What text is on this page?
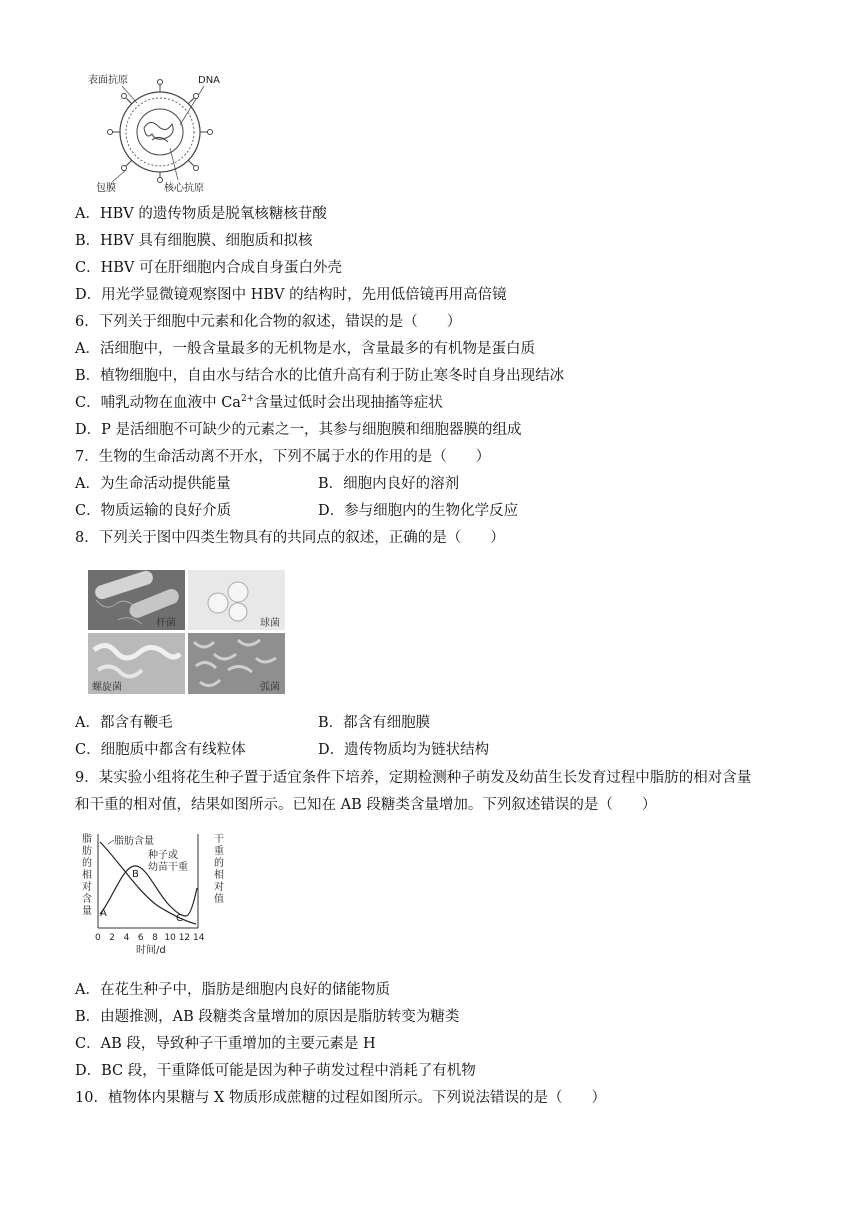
表面抗原	DNA
包膜	核心抗原
A．HBV 的遗传物质是脱氧核糖核苷酸
B．HBV 具有细胞膜、细胞质和拟核
C．HBV 可在肝细胞内合成自身蛋白外壳
D．用光学显微镜观察图中 HBV 的结构时，先用低倍镜再用高倍镜
6．下列关于细胞中元素和化合物的叙述，错误的是（　　）
A．活细胞中，一般含量最多的无机物是水，含量最多的有机物是蛋白质
B．植物细胞中，自由水与结合水的比值升高有利于防止寒冬时自身出现结冰
C．哺乳动物在血液中 $Ca^{2+}$含量过低时会出现抽搐等症状
D．P 是活细胞不可缺少的元素之一，其参与细胞膜和细胞器膜的组成
7．生物的生命活动离不开水，下列不属于水的作用的是（　　）
A．为生命活动提供能量	B．细胞内良好的溶剂
C．物质运输的良好介质	D．参与细胞内的生物化学反应
8．下列关于图中四类生物具有的共同点的叙述，正确的是（　　）
杆菌	球菌
螺旋菌	弧菌
A．都含有鞭毛	B．都含有细胞膜
C．细胞质中都含有线粒体	D．遗传物质均为链状结构
9．某实验小组将花生种子置于适宜条件下培养，定期检测种子萌发及幼苗生长发育过程中脂肪的相对含量
和干重的相对值，结果如图所示。已知在 AB 段糖类含量增加。下列叙述错误的是（　　）
脂
肪
的
相
对
含
量
干
重
的
相
对
值
0 2 4 6 8 10 12 14
脂肪含量
种子或
幼苗干重
A
B
C
时间/d
A．在花生种子中，脂肪是细胞内良好的储能物质
B．由题推测，AB 段糖类含量增加的原因是脂肪转变为糖类
C．AB 段，导致种子干重增加的主要元素是 H
D．BC 段，干重降低可能是因为种子萌发过程中消耗了有机物
10．植物体内果糖与 X 物质形成蔗糖的过程如图所示。下列说法错误的是（　　）
